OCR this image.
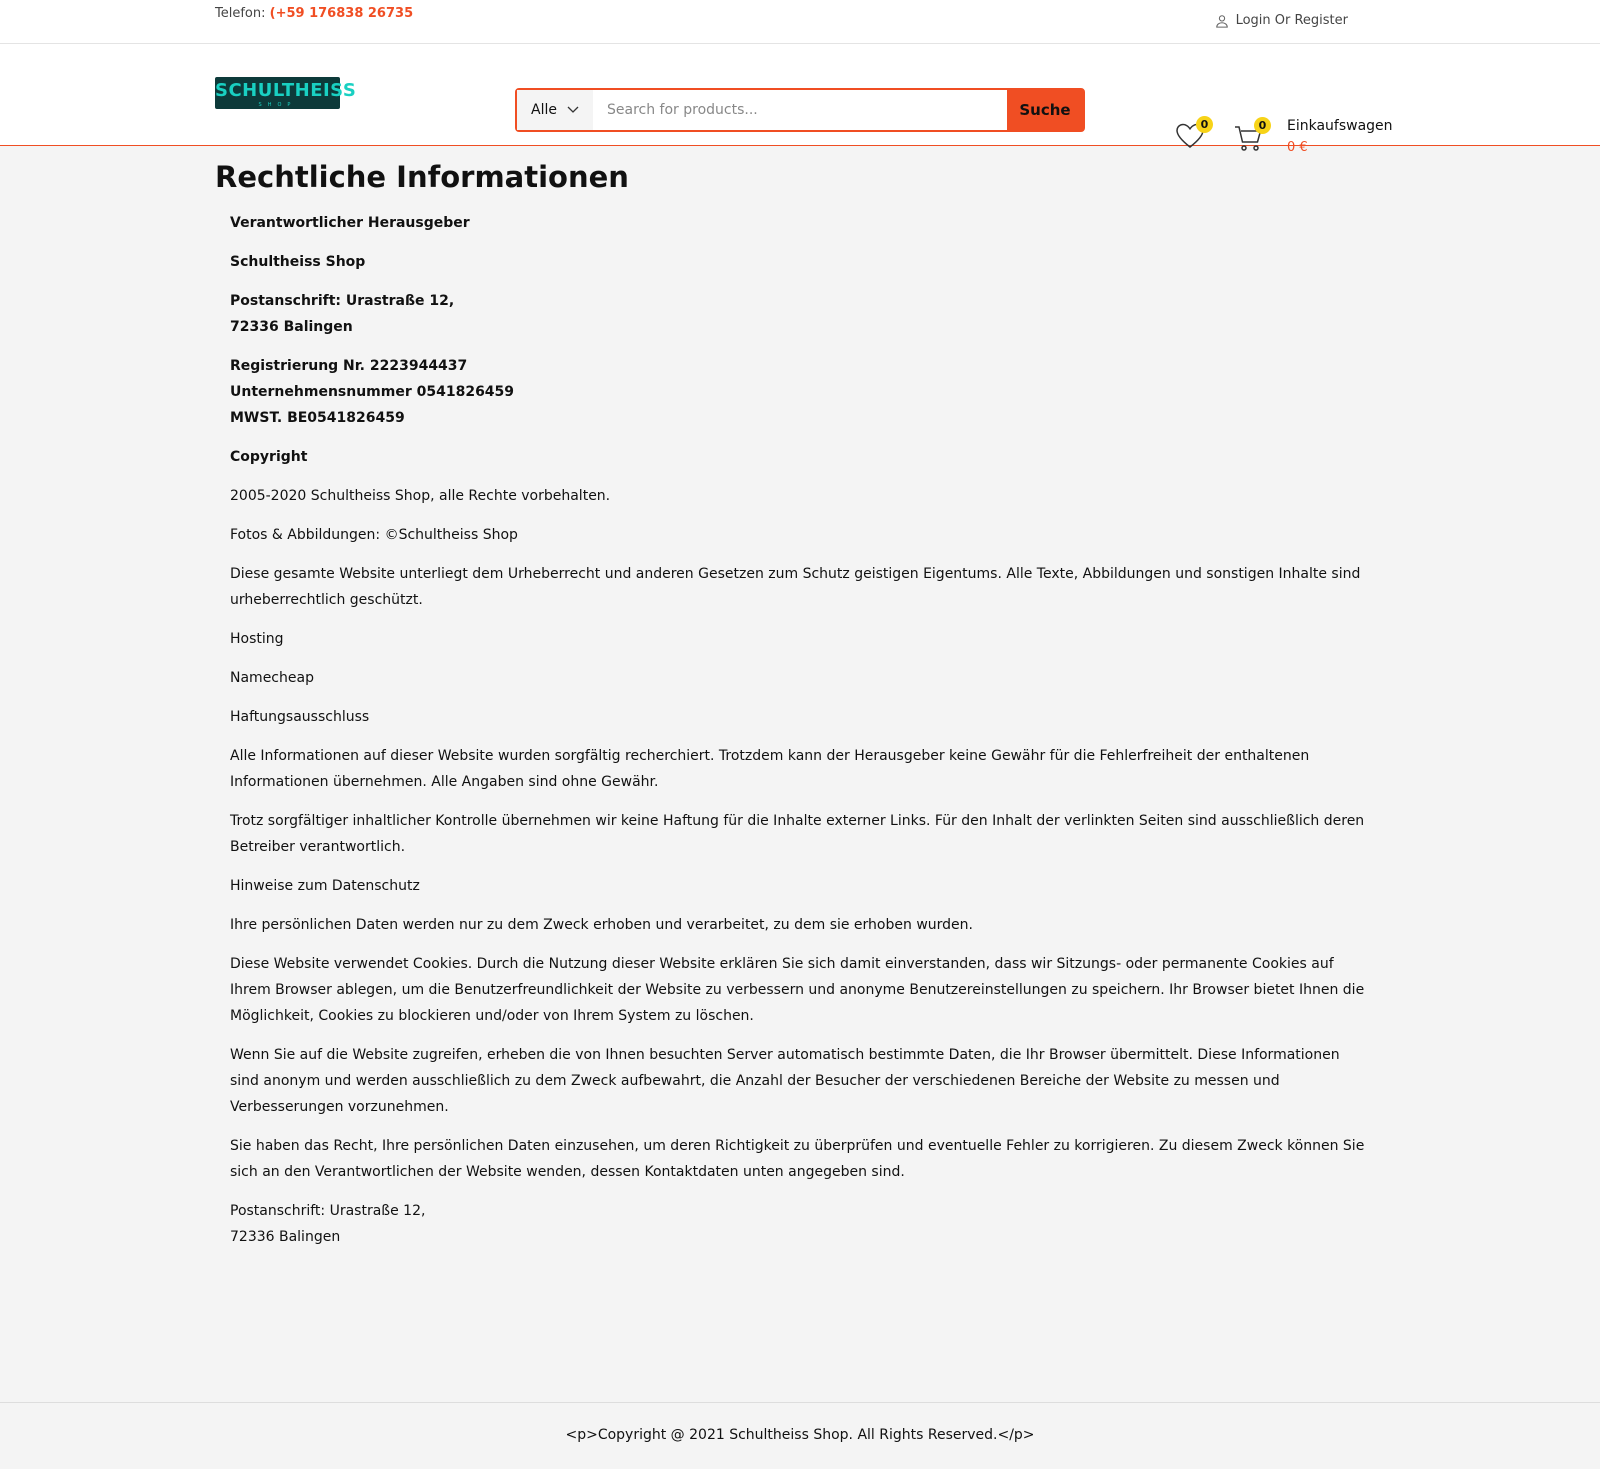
Telefon: (+59 176838 26735	Login Or Register
SCHULTHEISS
SHOP	Alle
Search for products...	Suche
0	0	Einkaufswagen
0 €
Rechtliche Informationen

Verantwortlicher Herausgeber

Schultheiss Shop

Postanschrift: Urastraße 12,
72336 Balingen

Registrierung Nr. 2223944437
Unternehmensnummer 0541826459
MWST. BE0541826459

Copyright

2005-2020 Schultheiss Shop, alle Rechte vorbehalten.

Fotos & Abbildungen: ©Schultheiss Shop

Diese gesamte Website unterliegt dem Urheberrecht und anderen Gesetzen zum Schutz geistigen Eigentums. Alle Texte, Abbildungen und sonstigen Inhalte sind urheberrechtlich geschützt.

Hosting

Namecheap

Haftungsausschluss

Alle Informationen auf dieser Website wurden sorgfältig recherchiert. Trotzdem kann der Herausgeber keine Gewähr für die Fehlerfreiheit der enthaltenen Informationen übernehmen. Alle Angaben sind ohne Gewähr.

Trotz sorgfältiger inhaltlicher Kontrolle übernehmen wir keine Haftung für die Inhalte externer Links. Für den Inhalt der verlinkten Seiten sind ausschließlich deren Betreiber verantwortlich.

Hinweise zum Datenschutz

Ihre persönlichen Daten werden nur zu dem Zweck erhoben und verarbeitet, zu dem sie erhoben wurden.

Diese Website verwendet Cookies. Durch die Nutzung dieser Website erklären Sie sich damit einverstanden, dass wir Sitzungs- oder permanente Cookies auf Ihrem Browser ablegen, um die Benutzerfreundlichkeit der Website zu verbessern und anonyme Benutzereinstellungen zu speichern. Ihr Browser bietet Ihnen die Möglichkeit, Cookies zu blockieren und/oder von Ihrem System zu löschen.

Wenn Sie auf die Website zugreifen, erheben die von Ihnen besuchten Server automatisch bestimmte Daten, die Ihr Browser übermittelt. Diese Informationen sind anonym und werden ausschließlich zu dem Zweck aufbewahrt, die Anzahl der Besucher der verschiedenen Bereiche der Website zu messen und Verbesserungen vorzunehmen.

Sie haben das Recht, Ihre persönlichen Daten einzusehen, um deren Richtigkeit zu überprüfen und eventuelle Fehler zu korrigieren. Zu diesem Zweck können Sie sich an den Verantwortlichen der Website wenden, dessen Kontaktdaten unten angegeben sind.

Postanschrift: Urastraße 12,
72336 Balingen

<p>Copyright @ 2021 Schultheiss Shop. All Rights Reserved.</p>
